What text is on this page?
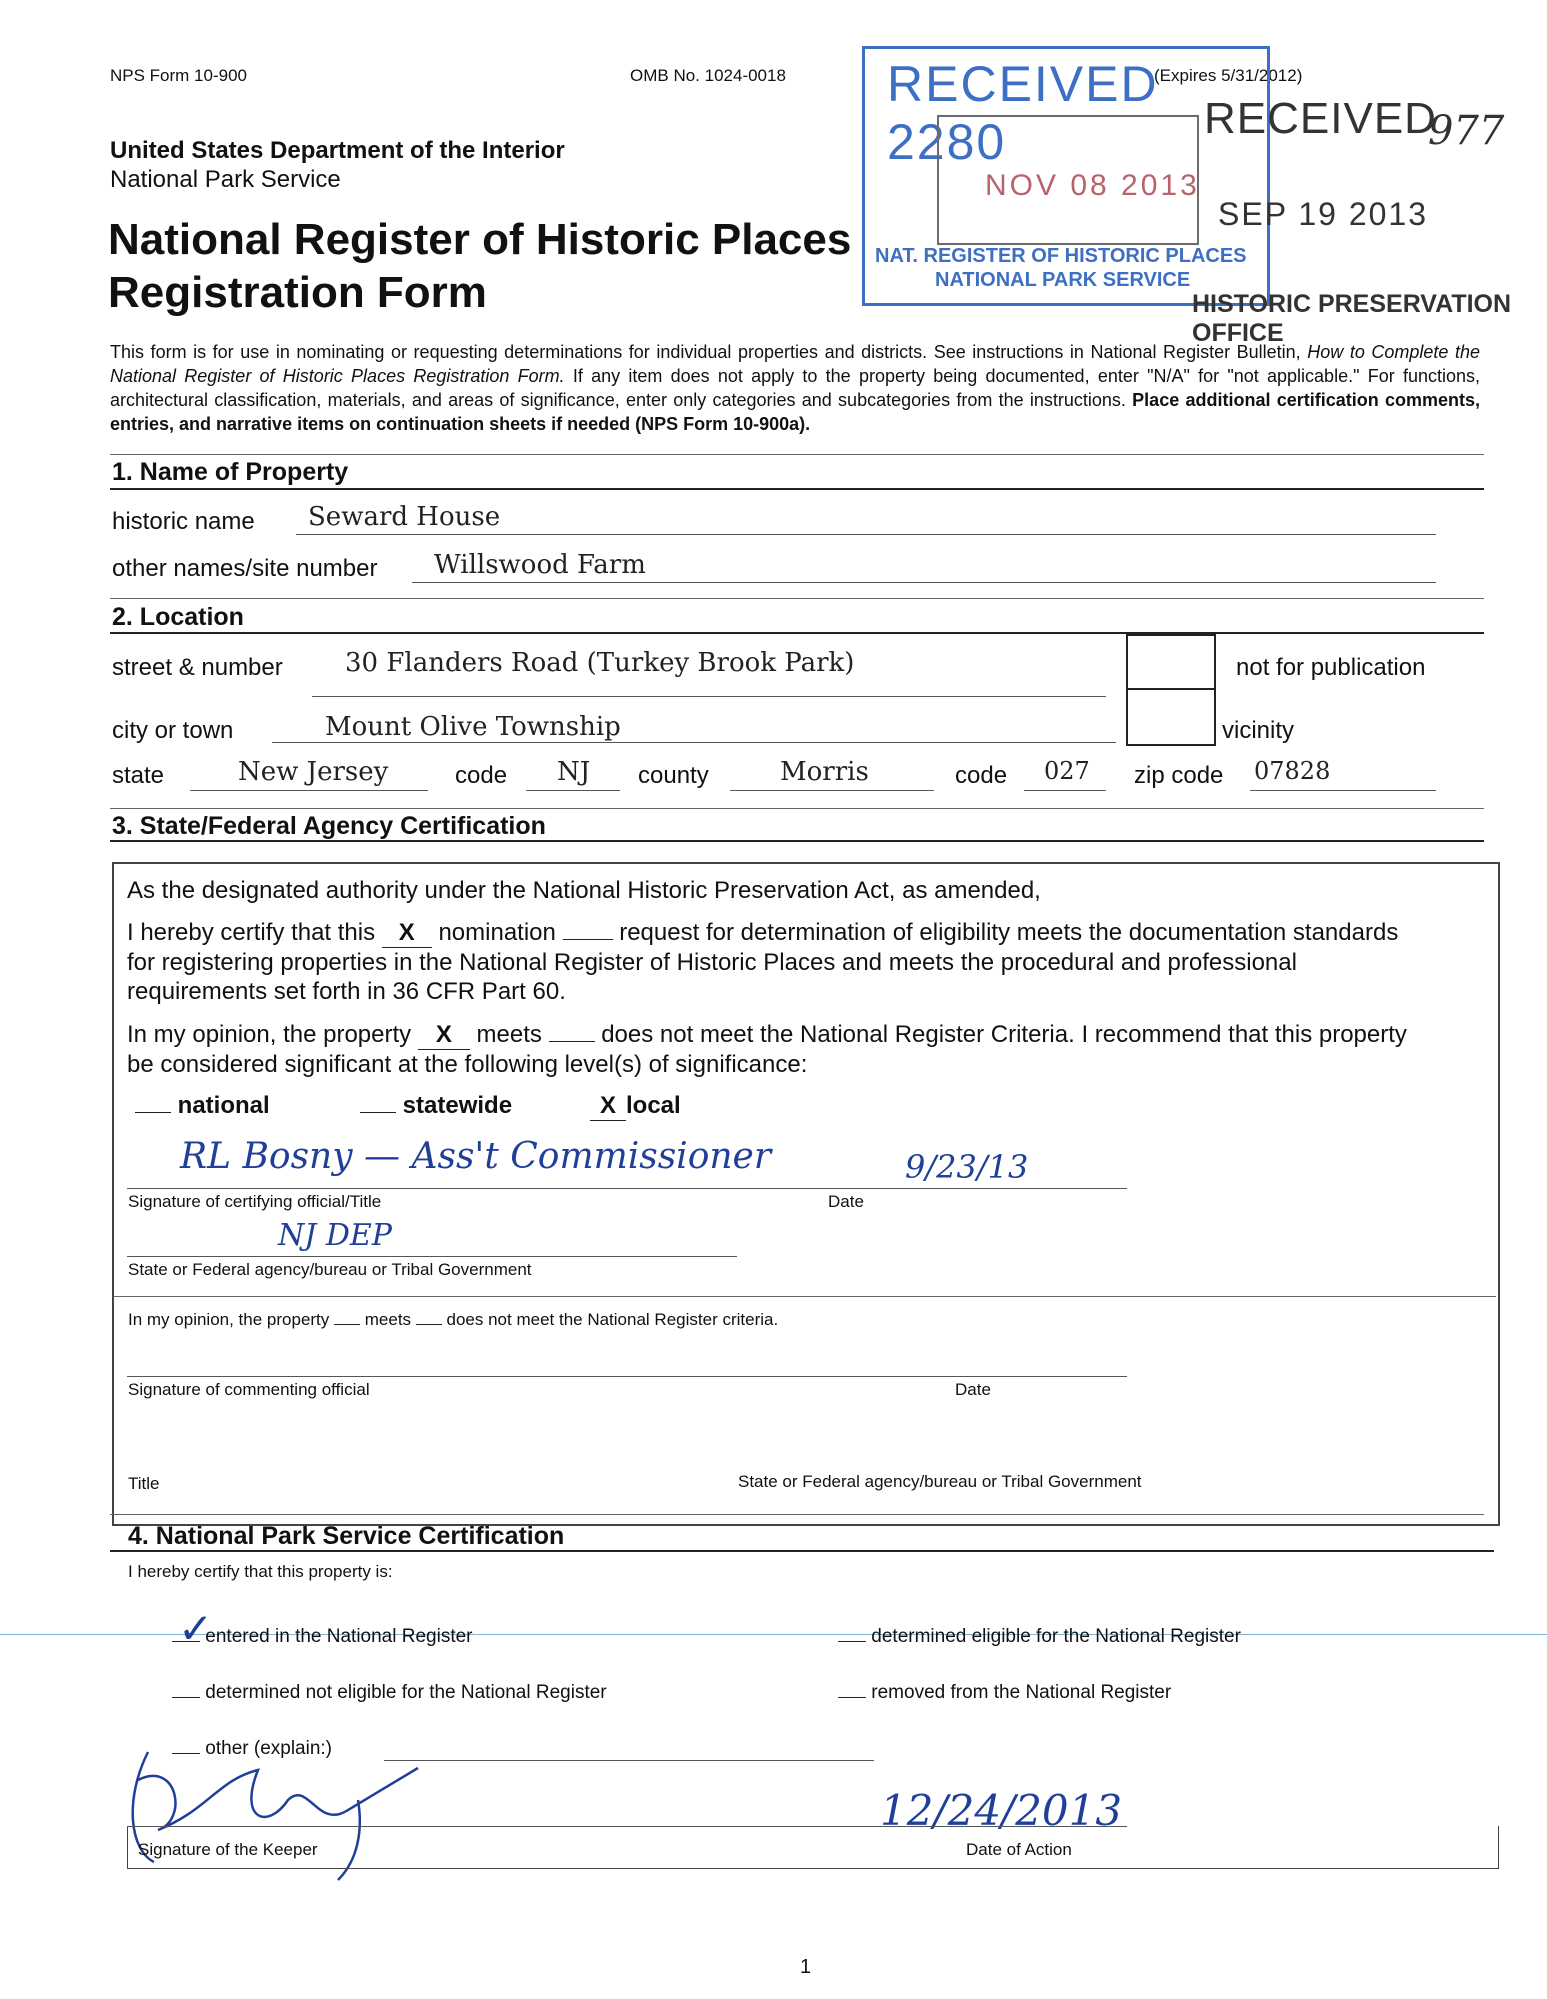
NPS Form 10-900	OMB No. 1024-0018	(Expires 5/31/2012)
United States Department of the Interior
National Park Service
National Register of Historic Places
Registration Form
RECEIVED 2280
NOV 08 2013
NAT. REGISTER OF HISTORIC PLACES
NATIONAL PARK SERVICE
RECEIVED
SEP 19 2013
HISTORIC PRESERVATION OFFICE
977
This form is for use in nominating or requesting determinations for individual properties and districts. See instructions in National Register Bulletin, How to Complete the National Register of Historic Places Registration Form. If any item does not apply to the property being documented, enter "N/A" for "not applicable." For functions, architectural classification, materials, and areas of significance, enter only categories and subcategories from the instructions. Place additional certification comments, entries, and narrative items on continuation sheets if needed (NPS Form 10-900a).
1. Name of Property
historic name Seward House
other names/site number Willswood Farm
2. Location
street & number 30 Flanders Road (Turkey Brook Park)	not for publication
vicinity
city or town	Mount Olive Township
state	New Jersey	code NJ county	Morris	code 027 zip code 07828
3. State/Federal Agency Certification
As the designated authority under the National Historic Preservation Act, as amended,
I hereby certify that this X nomination	request for determination of eligibility meets the documentation standards
for registering properties in the National Register of Historic Places and meets the procedural and professional
requirements set forth in 36 CFR Part 60.
In my opinion, the property X meets does not meet the National Register Criteria. I recommend that this property
be considered significant at the following level(s) of significance:
national	statewide	X local
RL Bosny — Ass't Commissioner	9/23/13
Signature of certifying official/Title	Date
NJ DEP
State or Federal agency/bureau or Tribal Government
In my opinion, the property meets does not meet the National Register criteria.
Signature of commenting official	Date
Title	State or Federal agency/bureau or Tribal Government
4. National Park Service Certification
I hereby certify that this property is:
✓
entered in the National Register	determined eligible for the National Register
determined not eligible for the National Register	removed from the National Register
other (explain:)
12/24/2013
Signature of the Keeper	Date of Action
1
